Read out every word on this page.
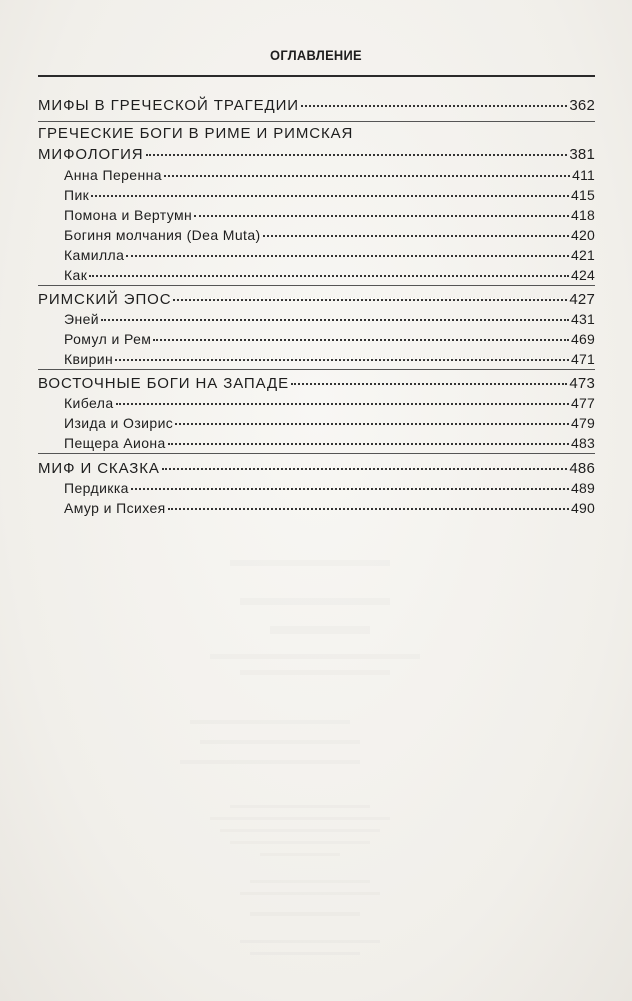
ОГЛАВЛЕНИЕ
МИФЫ В ГРЕЧЕСКОЙ ТРАГЕДИИ	362
ГРЕЧЕСКИЕ БОГИ В РИМЕ И РИМСКАЯ
МИФОЛОГИЯ	381
Анна Перенна	411
Пик	415
Помона и Вертумн	418
Богиня молчания (Dea Muta)	420
Камилла	421
Как	424
РИМСКИЙ ЭПОС	427
Эней	431
Ромул и Рем	469
Квирин	471
ВОСТОЧНЫЕ БОГИ НА ЗАПАДЕ	473
Кибела	477
Изида и Озирис	479
Пещера Аиона	483
МИФ И СКАЗКА	486
Пердикка	489
Амур и Психея	490
